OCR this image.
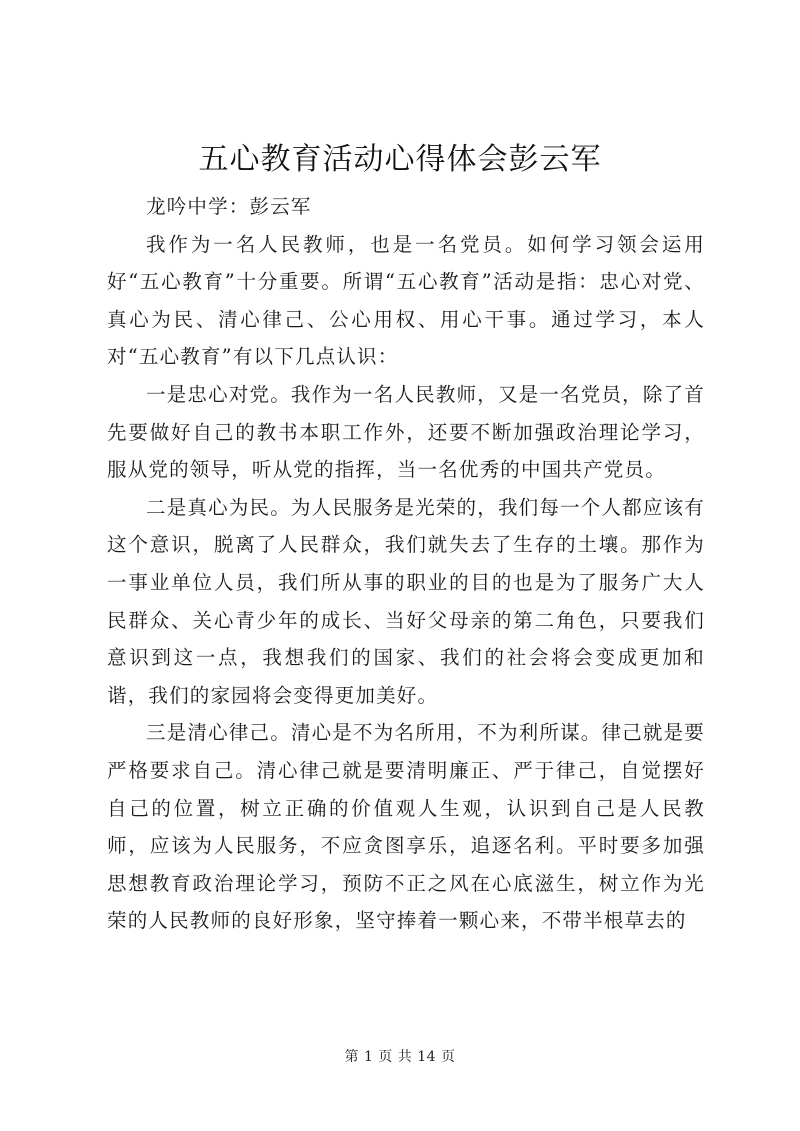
五心教育活动心得体会彭云军

龙吟中学：彭云军

我作为一名人民教师，也是一名党员。如何学习领会运用好“五心教育”十分重要。所谓“五心教育”活动是指：忠心对党、真心为民、清心律己、公心用权、用心干事。通过学习，本人对“五心教育”有以下几点认识：

一是忠心对党。我作为一名人民教师，又是一名党员，除了首先要做好自己的教书本职工作外，还要不断加强政治理论学习，服从党的领导，听从党的指挥，当一名优秀的中国共产党员。

二是真心为民。为人民服务是光荣的，我们每一个人都应该有这个意识，脱离了人民群众，我们就失去了生存的土壤。那作为一事业单位人员，我们所从事的职业的目的也是为了服务广大人民群众、关心青少年的成长、当好父母亲的第二角色，只要我们意识到这一点，我想我们的国家、我们的社会将会变成更加和谐，我们的家园将会变得更加美好。

三是清心律己。清心是不为名所用，不为利所谋。律己就是要严格要求自己。清心律己就是要清明廉正、严于律己，自觉摆好自己的位置，树立正确的价值观人生观，认识到自己是人民教师，应该为人民服务，不应贪图享乐，追逐名利。平时要多加强思想教育政治理论学习，预防不正之风在心底滋生，树立作为光荣的人民教师的良好形象，坚守捧着一颗心来，不带半根草去的

第 1 页 共 14 页
